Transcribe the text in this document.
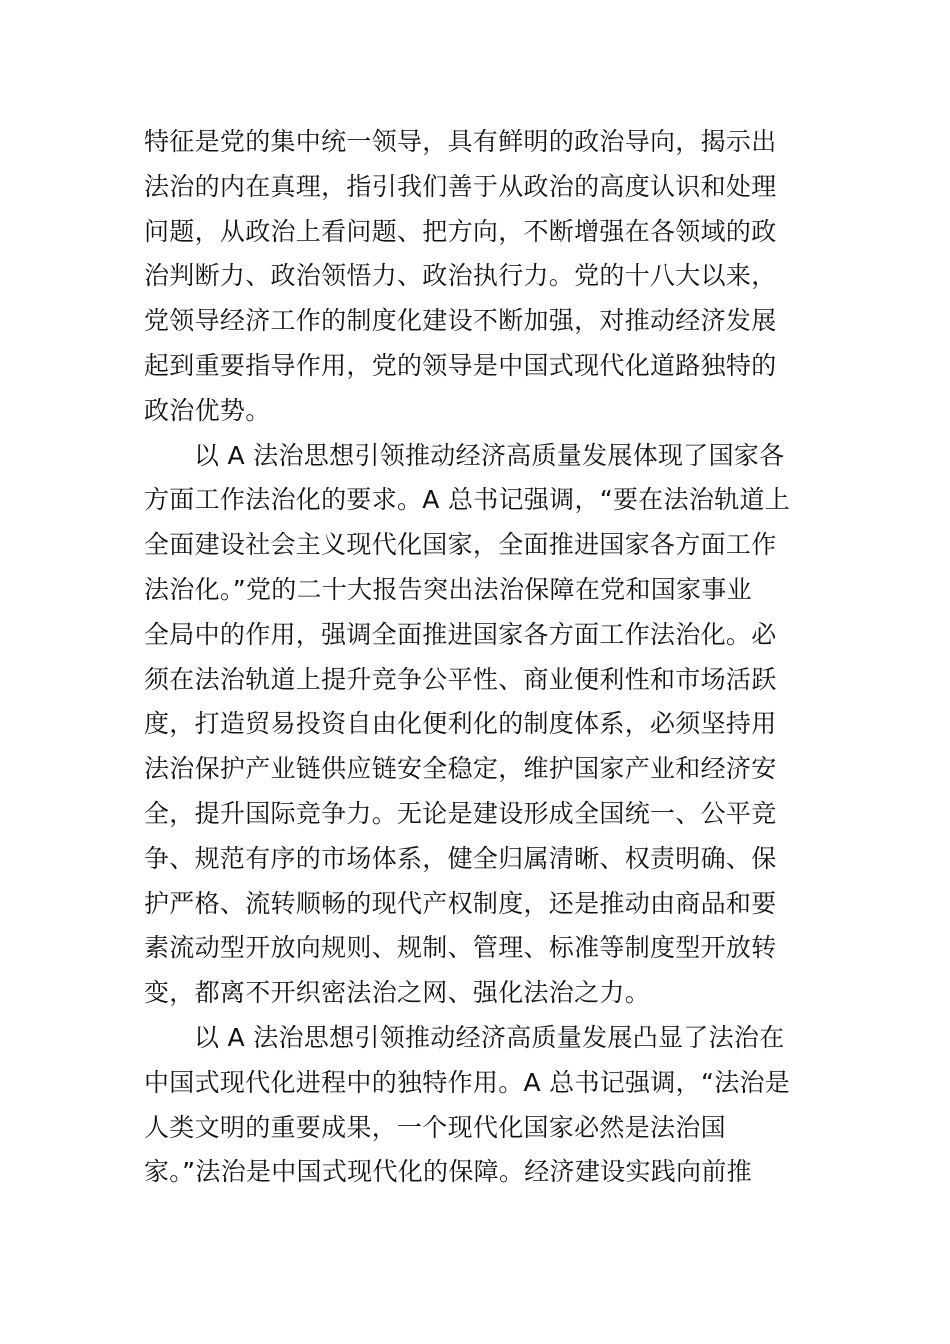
特征是党的集中统一领导，具有鲜明的政治导向，揭示出
法治的内在真理，指引我们善于从政治的高度认识和处理
问题，从政治上看问题、把方向，不断增强在各领域的政
治判断力、政治领悟力、政治执行力。党的十八大以来，
党领导经济工作的制度化建设不断加强，对推动经济发展
起到重要指导作用，党的领导是中国式现代化道路独特的
政治优势。
以 A 法治思想引领推动经济高质量发展体现了国家各
方面工作法治化的要求。A 总书记强调，“要在法治轨道上
全面建设社会主义现代化国家，全面推进国家各方面工作
法治化。”党的二十大报告突出法治保障在党和国家事业
全局中的作用，强调全面推进国家各方面工作法治化。必
须在法治轨道上提升竞争公平性、商业便利性和市场活跃
度，打造贸易投资自由化便利化的制度体系，必须坚持用
法治保护产业链供应链安全稳定，维护国家产业和经济安
全，提升国际竞争力。无论是建设形成全国统一、公平竞
争、规范有序的市场体系，健全归属清晰、权责明确、保
护严格、流转顺畅的现代产权制度，还是推动由商品和要
素流动型开放向规则、规制、管理、标准等制度型开放转
变，都离不开织密法治之网、强化法治之力。
以 A 法治思想引领推动经济高质量发展凸显了法治在
中国式现代化进程中的独特作用。A 总书记强调，“法治是
人类文明的重要成果，一个现代化国家必然是法治国
家。”法治是中国式现代化的保障。经济建设实践向前推
